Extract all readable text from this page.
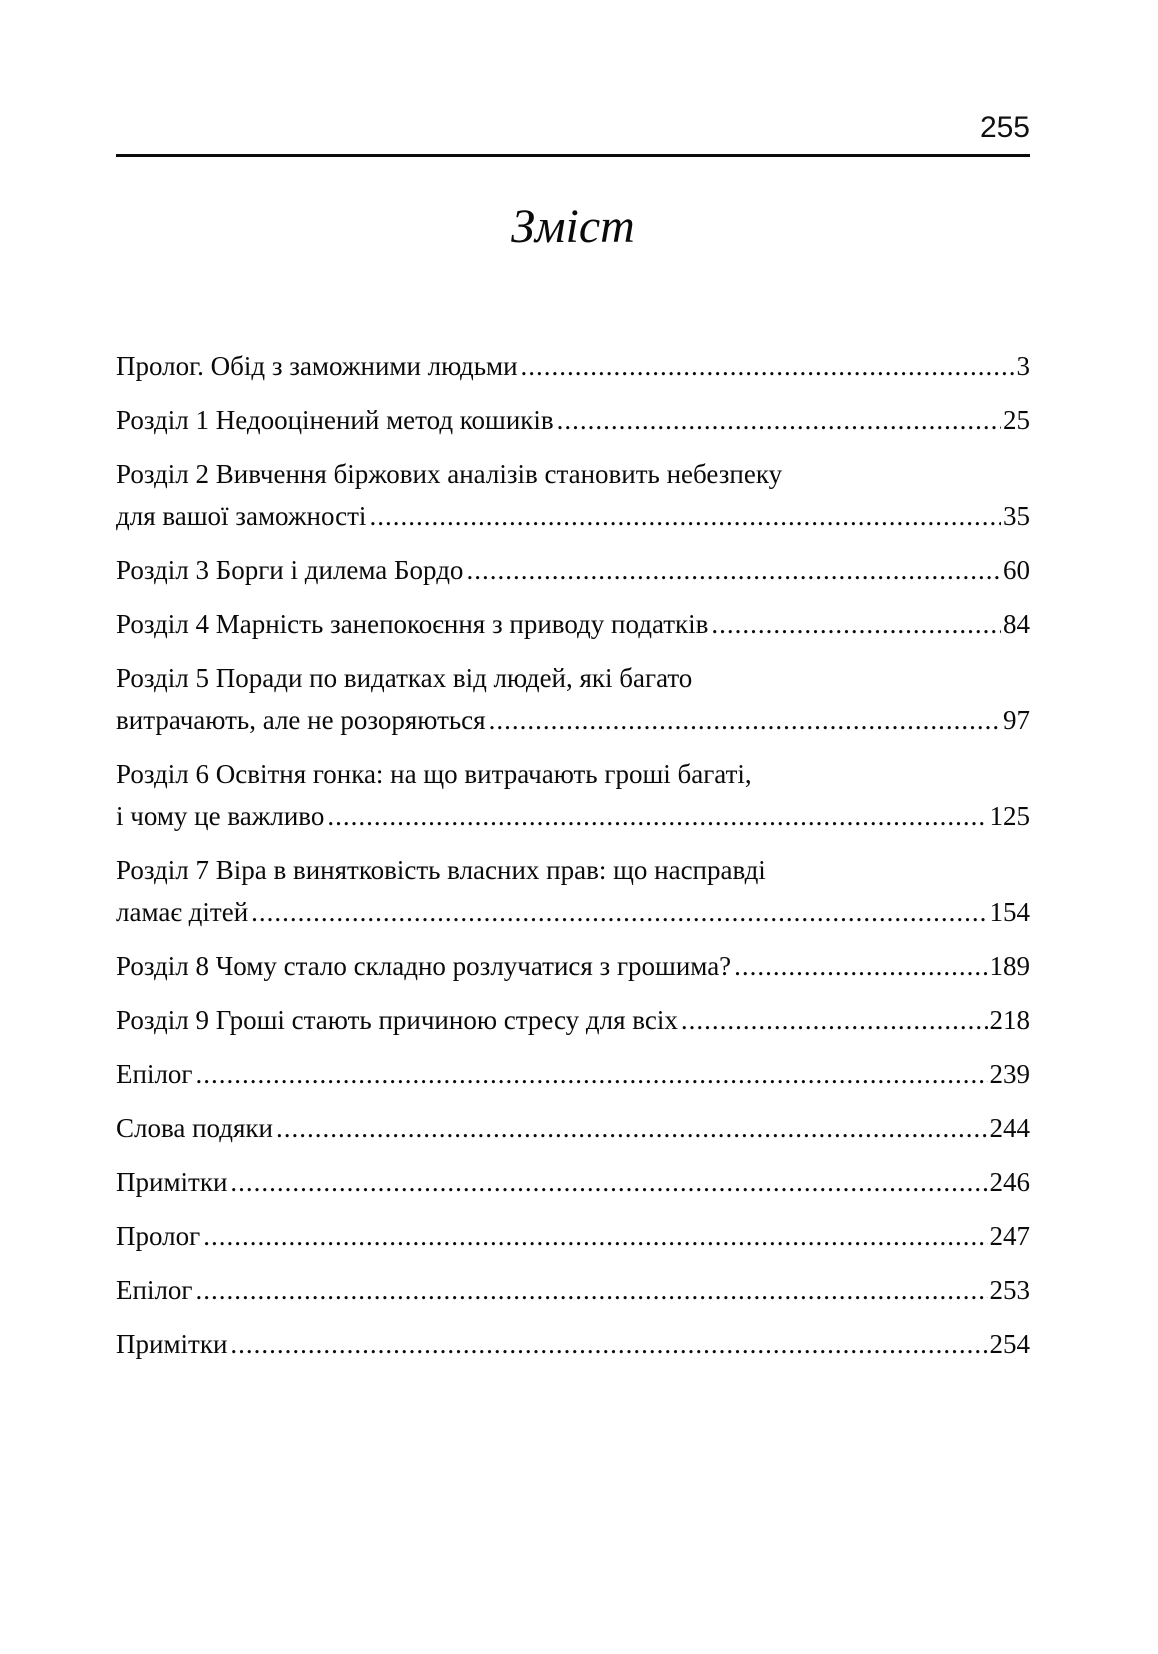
255
Зміст
Пролог. Обід з заможними людьми .....	3
Розділ 1 Недооцінений метод кошиків .....	25
Розділ 2 Вивчення біржових аналізів становить небезпеку
для вашої заможності .....	35
Розділ 3 Борги і дилема Бордо .....	60
Розділ 4 Марність занепокоєння з приводу податків .....	84
Розділ 5 Поради по видатках від людей, які багато
витрачають, але не розоряються .....	97
Розділ 6 Освітня гонка: на що витрачають гроші багаті,
і чому це важливо .....	125
Розділ 7 Віра в винятковість власних прав: що насправді
ламає дітей .....	154
Розділ 8 Чому стало складно розлучатися з грошима? .....	189
Розділ 9 Гроші стають причиною стресу для всіх .....	218
Епілог .....	239
Слова подяки .....	244
Примітки .....	246
Пролог .....	247
Епілог .....	253
Примітки .....	254
